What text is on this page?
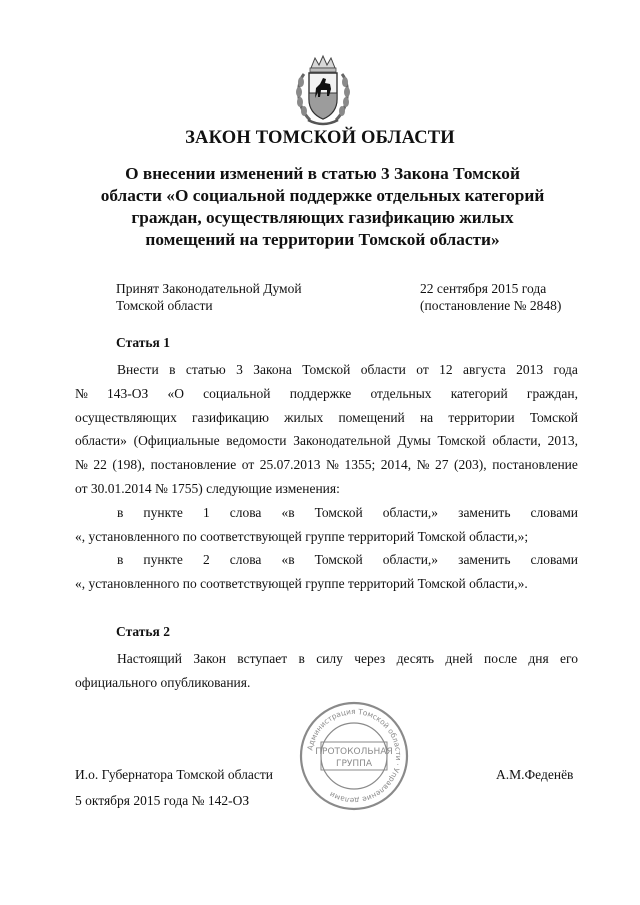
ЗАКОН ТОМСКОЙ ОБЛАСТИ
О внесении изменений в статью 3 Закона Томской
области «О социальной поддержке отдельных категорий
граждан, осуществляющих газификацию жилых
помещений на территории Томской области»
Принят Законодательной Думой
Томской области
22 сентября 2015 года
(постановление № 2848)
Статья 1
Внести в статью 3 Закона Томской области от 12 августа 2013 года
№ 143-ОЗ «О социальной поддержке отдельных категорий граждан,
осуществляющих газификацию жилых помещений на территории Томской
области» (Официальные ведомости Законодательной Думы Томской области, 2013,
№ 22 (198), постановление от 25.07.2013 № 1355; 2014, № 27 (203), постановление
от 30.01.2014 № 1755) следующие изменения:
в пункте 1 слова «в Томской области,» заменить словами
«, установленного по соответствующей группе территорий Томской области,»;
в пункте 2 слова «в Томской области,» заменить словами
«, установленного по соответствующей группе территорий Томской области,».
Статья 2
Настоящий Закон вступает в силу через десять дней после дня его
официального опубликования.
Администрация Томской области · Управление делами
ПРОТОКОЛЬНАЯ
ГРУППА
И.о. Губернатора Томской области	А.М.Феденёв
5 октября 2015 года № 142-ОЗ
